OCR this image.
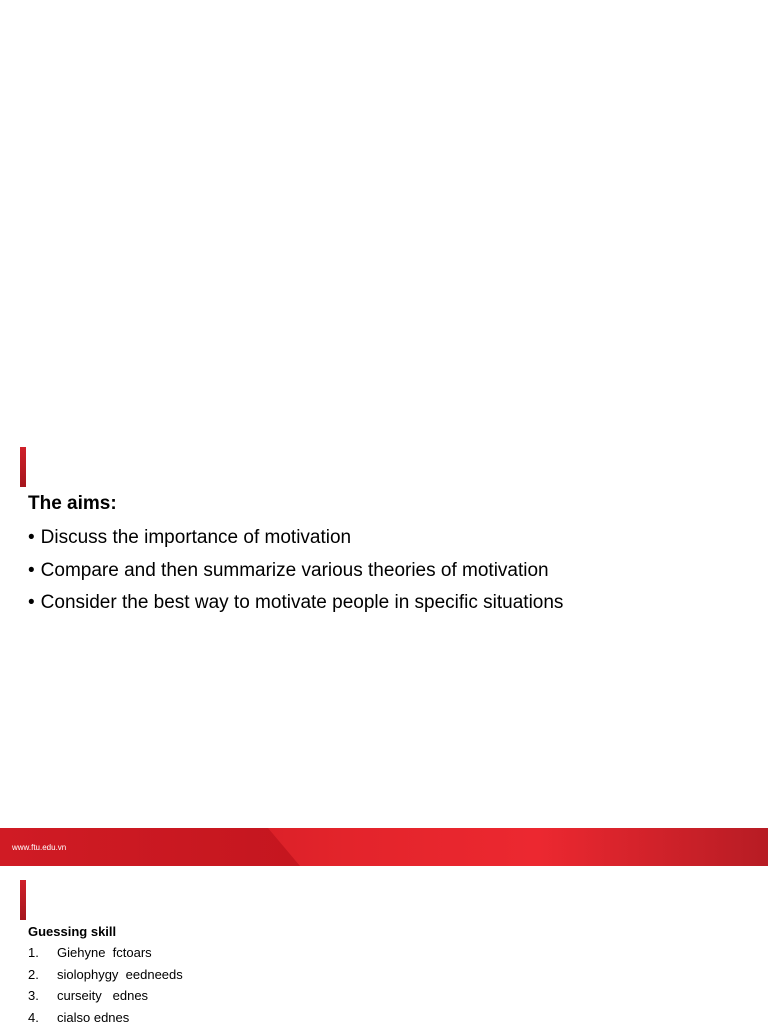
The aims:

• Discuss the importance of motivation
• Compare and then summarize various theories of motivation
• Consider the best way to motivate people in specific situations
www.ftu.edu.vn

Guessing skill

1. Giehyne  fctoars
2. siolophygy  eedneeds
3. curseity   ednes
4. cialso ednes
